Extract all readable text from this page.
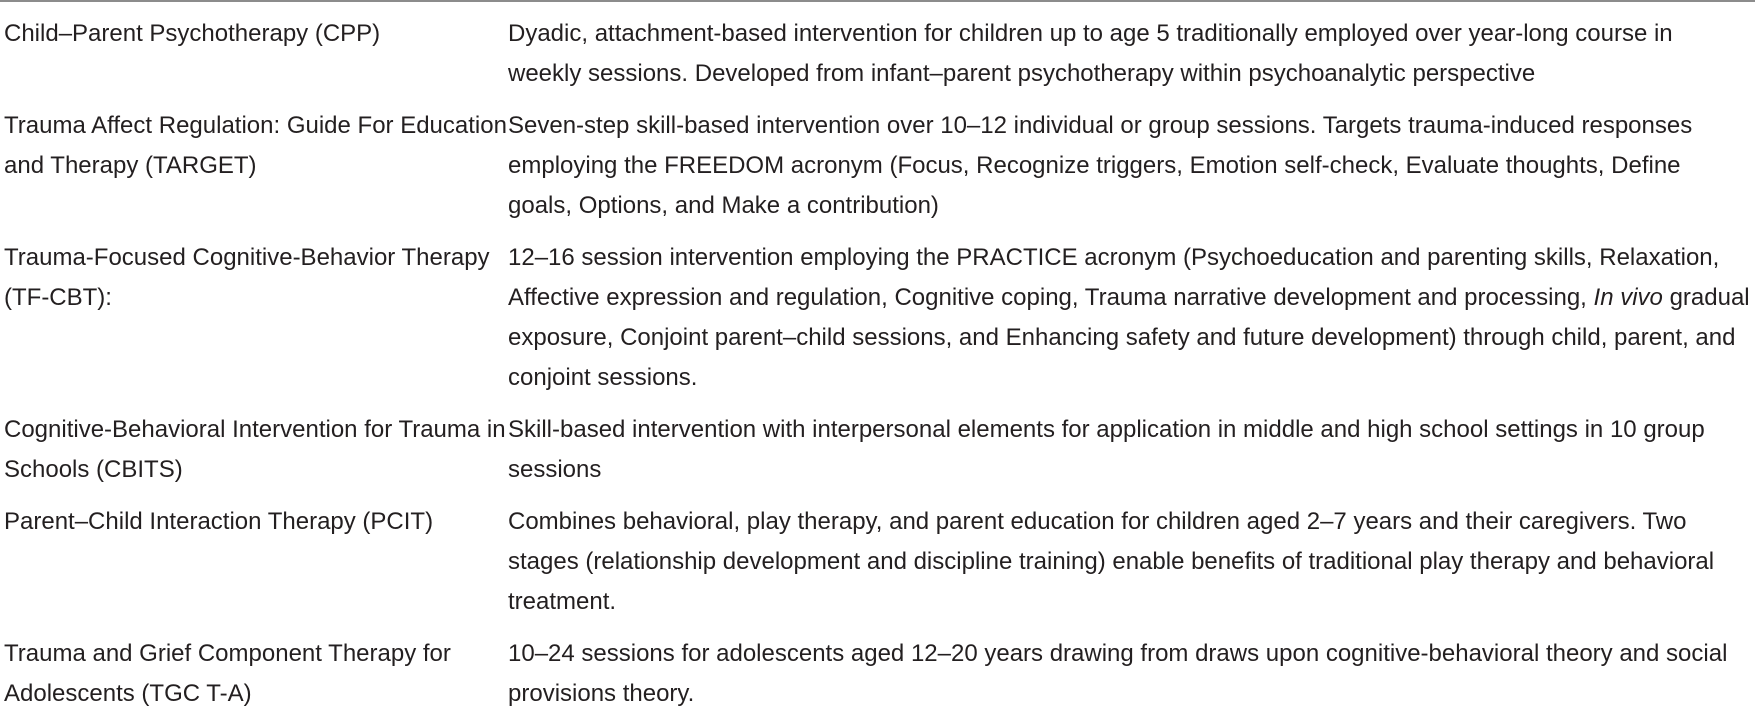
Child–Parent Psychotherapy (CPP)	Dyadic, attachment-based intervention for children up to age 5 traditionally employed over year-long course in weekly sessions. Developed from infant–parent psychotherapy within psychoanalytic perspective
Trauma Affect Regulation: Guide For Education and Therapy (TARGET)
Seven-step skill-based intervention over 10–12 individual or group sessions. Targets trauma-induced responses employing the FREEDOM acronym (Focus, Recognize triggers, Emotion self-check, Evaluate thoughts, Define goals, Options, and Make a contribution)
Trauma-Focused Cognitive-Behavior Therapy (TF-CBT):
12–16 session intervention employing the PRACTICE acronym (Psychoeducation and parenting skills, Relaxation, Affective expression and regulation, Cognitive coping, Trauma narrative development and processing, In vivo gradual exposure, Conjoint parent–child sessions, and Enhancing safety and future development) through child, parent, and conjoint sessions.
Cognitive-Behavioral Intervention for Trauma in Schools (CBITS)
Skill-based intervention with interpersonal elements for application in middle and high school settings in 10 group sessions
Parent–Child Interaction Therapy (PCIT)	Combines behavioral, play therapy, and parent education for children aged 2–7 years and their caregivers. Two stages (relationship development and discipline training) enable benefits of traditional play therapy and behavioral treatment.
Trauma and Grief Component Therapy for Adolescents (TGC T-A)
10–24 sessions for adolescents aged 12–20 years drawing from draws upon cognitive-behavioral theory and social provisions theory.
